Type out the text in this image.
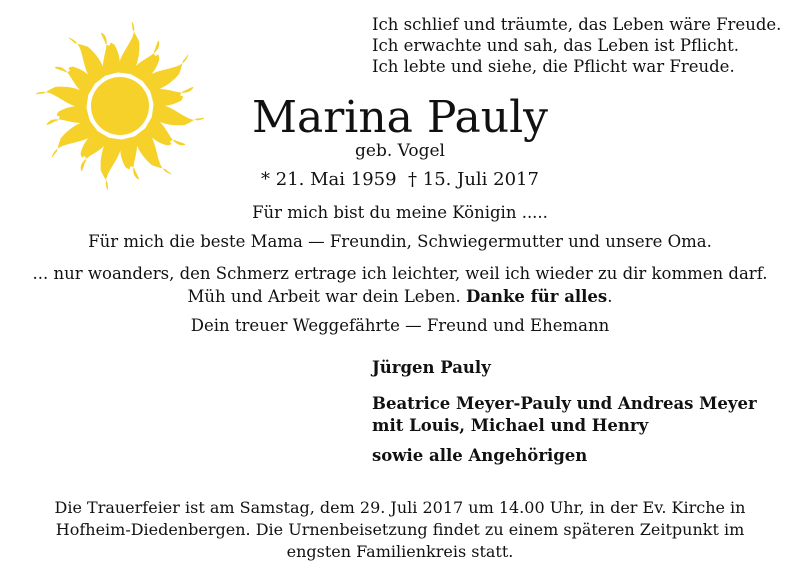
Ich schlief und träumte, das Leben wäre Freude.
Ich erwachte und sah, das Leben ist Pflicht.
Ich lebte und siehe, die Pflicht war Freude.
Marina Pauly
geb. Vogel
* 21. Mai 1959 † 15. Juli 2017
Für mich bist du meine Königin .....
Für mich die beste Mama — Freundin, Schwiegermutter und unsere Oma.
... nur woanders, den Schmerz ertrage ich leichter, weil ich wieder zu dir kommen darf.
Müh und Arbeit war dein Leben. Danke für alles.
Dein treuer Weggefährte — Freund und Ehemann
Jürgen Pauly
Beatrice Meyer-Pauly und Andreas Meyer
mit Louis, Michael und Henry
sowie alle Angehörigen
Die Trauerfeier ist am Samstag, dem 29. Juli 2017 um 14.00 Uhr, in der Ev. Kirche in
Hofheim-Diedenbergen. Die Urnenbeisetzung findet zu einem späteren Zeitpunkt im
engsten Familienkreis statt.
